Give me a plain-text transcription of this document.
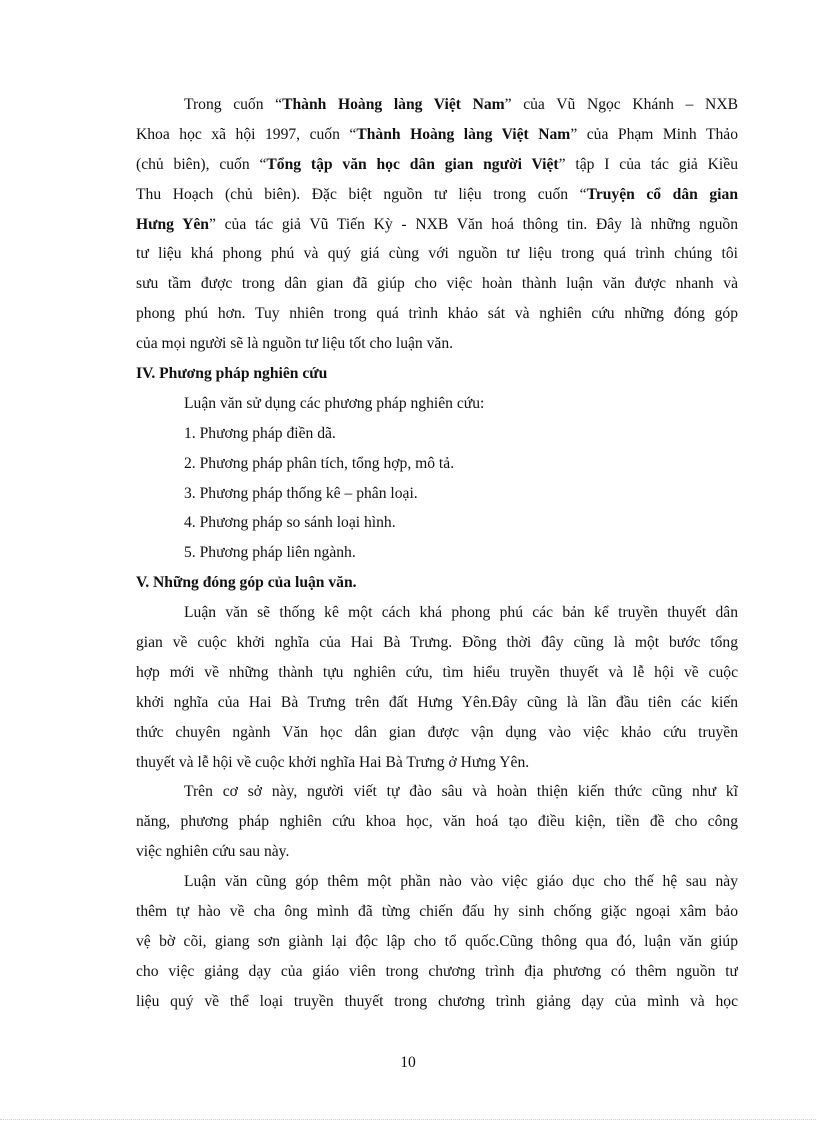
Trong cuốn “Thành Hoàng làng Việt Nam” của Vũ Ngọc Khánh – NXB
Khoa học xã hội 1997, cuốn “Thành Hoàng làng Việt Nam” của Phạm Minh Thảo
(chủ biên), cuốn “Tổng tập văn học dân gian người Việt” tập I của tác giả Kiều
Thu Hoạch (chủ biên). Đặc biệt nguồn tư liệu trong cuốn “Truyện cổ dân gian
Hưng Yên” của tác giả Vũ Tiến Kỳ - NXB Văn hoá thông tin. Đây là những nguồn
tư liệu khá phong phú và quý giá cùng với nguồn tư liệu trong quá trình chúng tôi
sưu tầm được trong dân gian đã giúp cho việc hoàn thành luận văn được nhanh và
phong phú hơn. Tuy nhiên trong quá trình khảo sát và nghiên cứu những đóng góp
của mọi người sẽ là nguồn tư liệu tốt cho luận văn.
IV. Phương pháp nghiên cứu
Luận văn sử dụng các phương pháp nghiên cứu:
1. Phương pháp điền dã.
2. Phương pháp phân tích, tổng hợp, mô tả.
3. Phương pháp thống kê – phân loại.
4. Phương pháp so sánh loại hình.
5. Phương pháp liên ngành.
V. Những đóng góp của luận văn.
Luận văn sẽ thống kê một cách khá phong phú các bản kể truyền thuyết dân
gian về cuộc khởi nghĩa của Hai Bà Trưng. Đồng thời đây cũng là một bước tổng
hợp mới về những thành tựu nghiên cứu, tìm hiểu truyền thuyết và lễ hội về cuộc
khởi nghĩa của Hai Bà Trưng trên đất Hưng Yên.Đây cũng là lần đầu tiên các kiến
thức chuyên ngành Văn học dân gian được vận dụng vào việc khảo cứu truyền
thuyết và lễ hội về cuộc khởi nghĩa Hai Bà Trưng ở Hưng Yên.
Trên cơ sở này, người viết tự đào sâu và hoàn thiện kiến thức cũng như kĩ
năng, phương pháp nghiên cứu khoa học, văn hoá tạo điều kiện, tiền đề cho công
việc nghiên cứu sau này.
Luận văn cũng góp thêm một phần nào vào việc giáo dục cho thế hệ sau này
thêm tự hào về cha ông mình đã từng chiến đấu hy sinh chống giặc ngoại xâm bảo
vệ bờ cõi, giang sơn giành lại độc lập cho tổ quốc.Cũng thông qua đó, luận văn giúp
cho việc giảng dạy của giáo viên trong chương trình địa phương có thêm nguồn tư
liệu quý về thể loại truyền thuyết trong chương trình giảng dạy của mình và học
10
